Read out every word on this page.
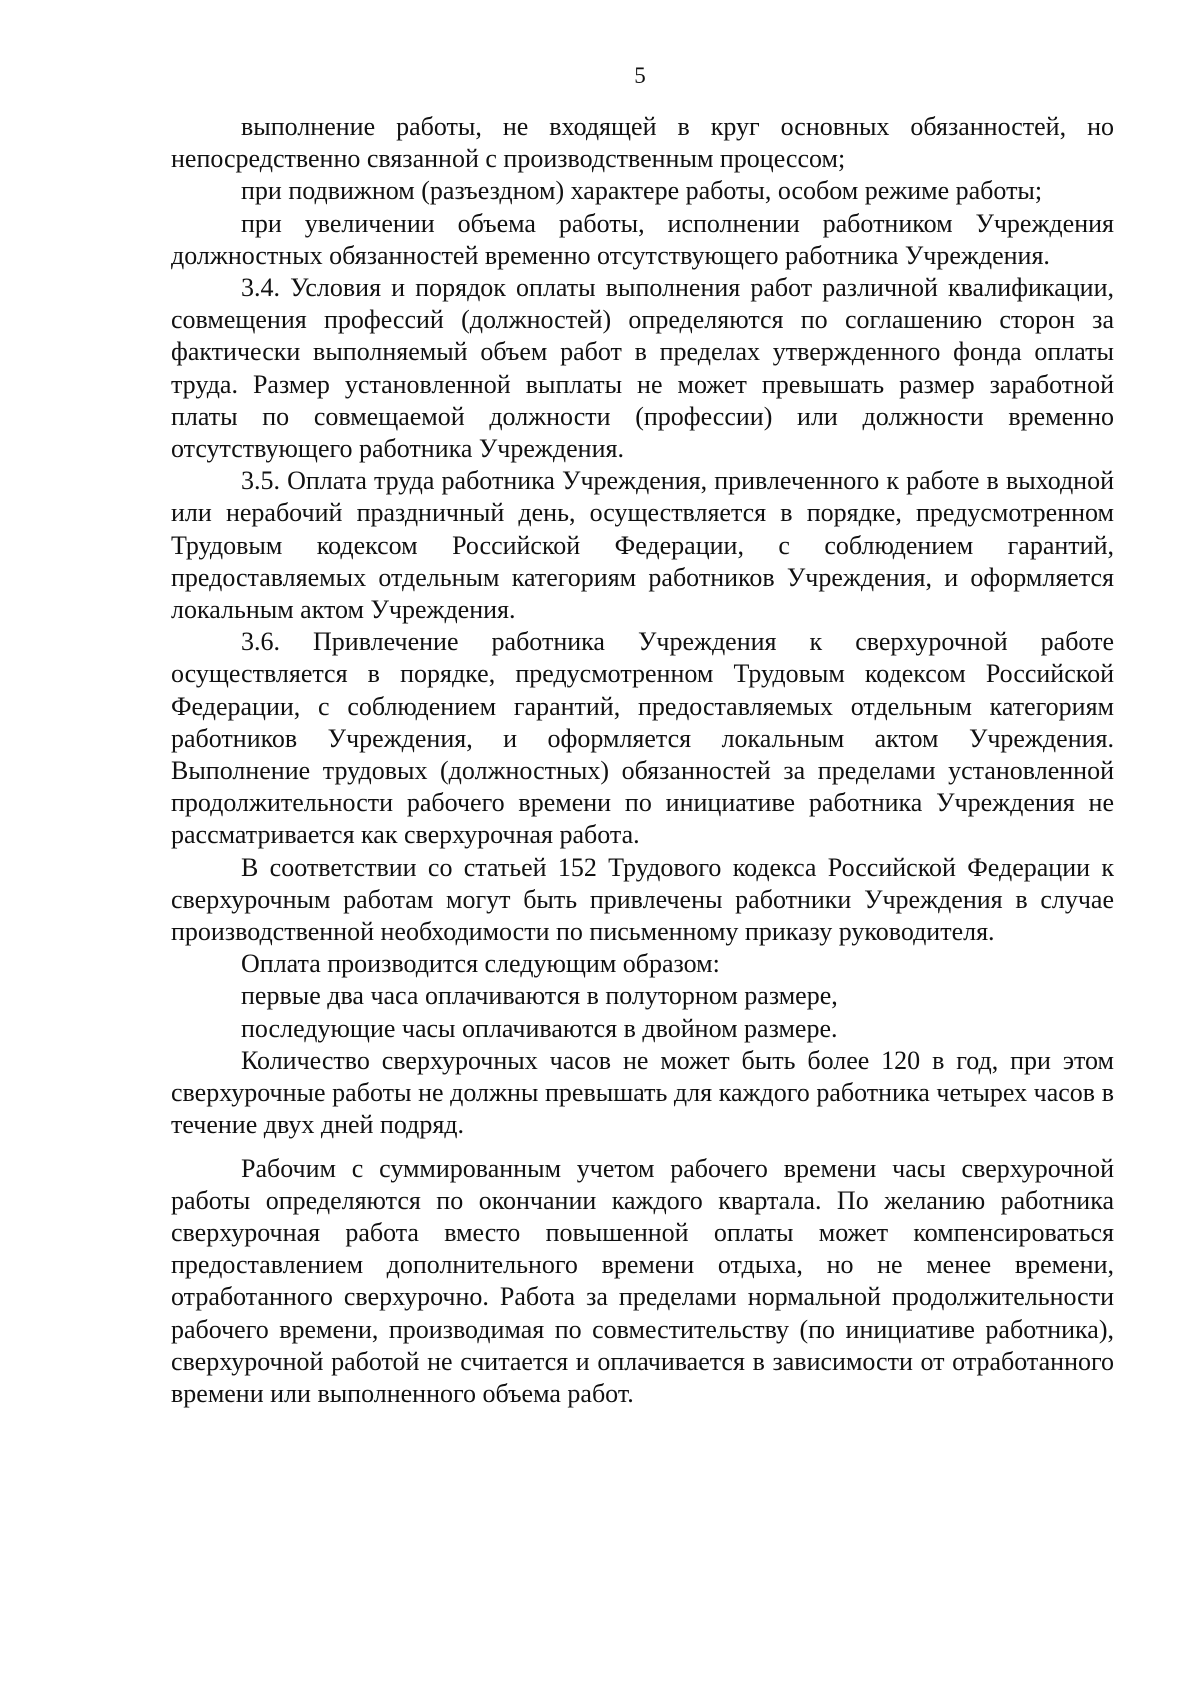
5

выполнение работы, не входящей в круг основных обязанностей, но непосредственно связанной с производственным процессом;

при подвижном (разъездном) характере работы, особом режиме работы;

при увеличении объема работы, исполнении работником Учреждения должностных обязанностей временно отсутствующего работника Учреждения.

3.4. Условия и порядок оплаты выполнения работ различной квалификации, совмещения профессий (должностей) определяются по соглашению сторон за фактически выполняемый объем работ в пределах утвержденного фонда оплаты труда. Размер установленной выплаты не может превышать размер заработной платы по совмещаемой должности (профессии) или должности временно отсутствующего работника Учреждения.

3.5. Оплата труда работника Учреждения, привлеченного к работе в выходной или нерабочий праздничный день, осуществляется в порядке, предусмотренном Трудовым кодексом Российской Федерации, с соблюдением гарантий, предоставляемых отдельным категориям работников Учреждения, и оформляется локальным актом Учреждения.

3.6. Привлечение работника Учреждения к сверхурочной работе осуществляется в порядке, предусмотренном Трудовым кодексом Российской Федерации, с соблюдением гарантий, предоставляемых отдельным категориям работников Учреждения, и оформляется локальным актом Учреждения. Выполнение трудовых (должностных) обязанностей за пределами установленной продолжительности рабочего времени по инициативе работника Учреждения не рассматривается как сверхурочная работа.

В соответствии со статьей 152 Трудового кодекса Российской Федерации к сверхурочным работам могут быть привлечены работники Учреждения в случае производственной необходимости по письменному приказу руководителя.

Оплата производится следующим образом:

первые два часа оплачиваются в полуторном размере,

последующие часы оплачиваются в двойном размере.

Количество сверхурочных часов не может быть более 120 в год, при этом сверхурочные работы не должны превышать для каждого работника четырех часов в течение двух дней подряд.

Рабочим с суммированным учетом рабочего времени часы сверхурочной работы определяются по окончании каждого квартала. По желанию работника сверхурочная работа вместо повышенной оплаты может компенсироваться предоставлением дополнительного времени отдыха, но не менее времени, отработанного сверхурочно. Работа за пределами нормальной продолжительности рабочего времени, производимая по совместительству (по инициативе работника), сверхурочной работой не считается и оплачивается в зависимости от отработанного времени или выполненного объема работ.
